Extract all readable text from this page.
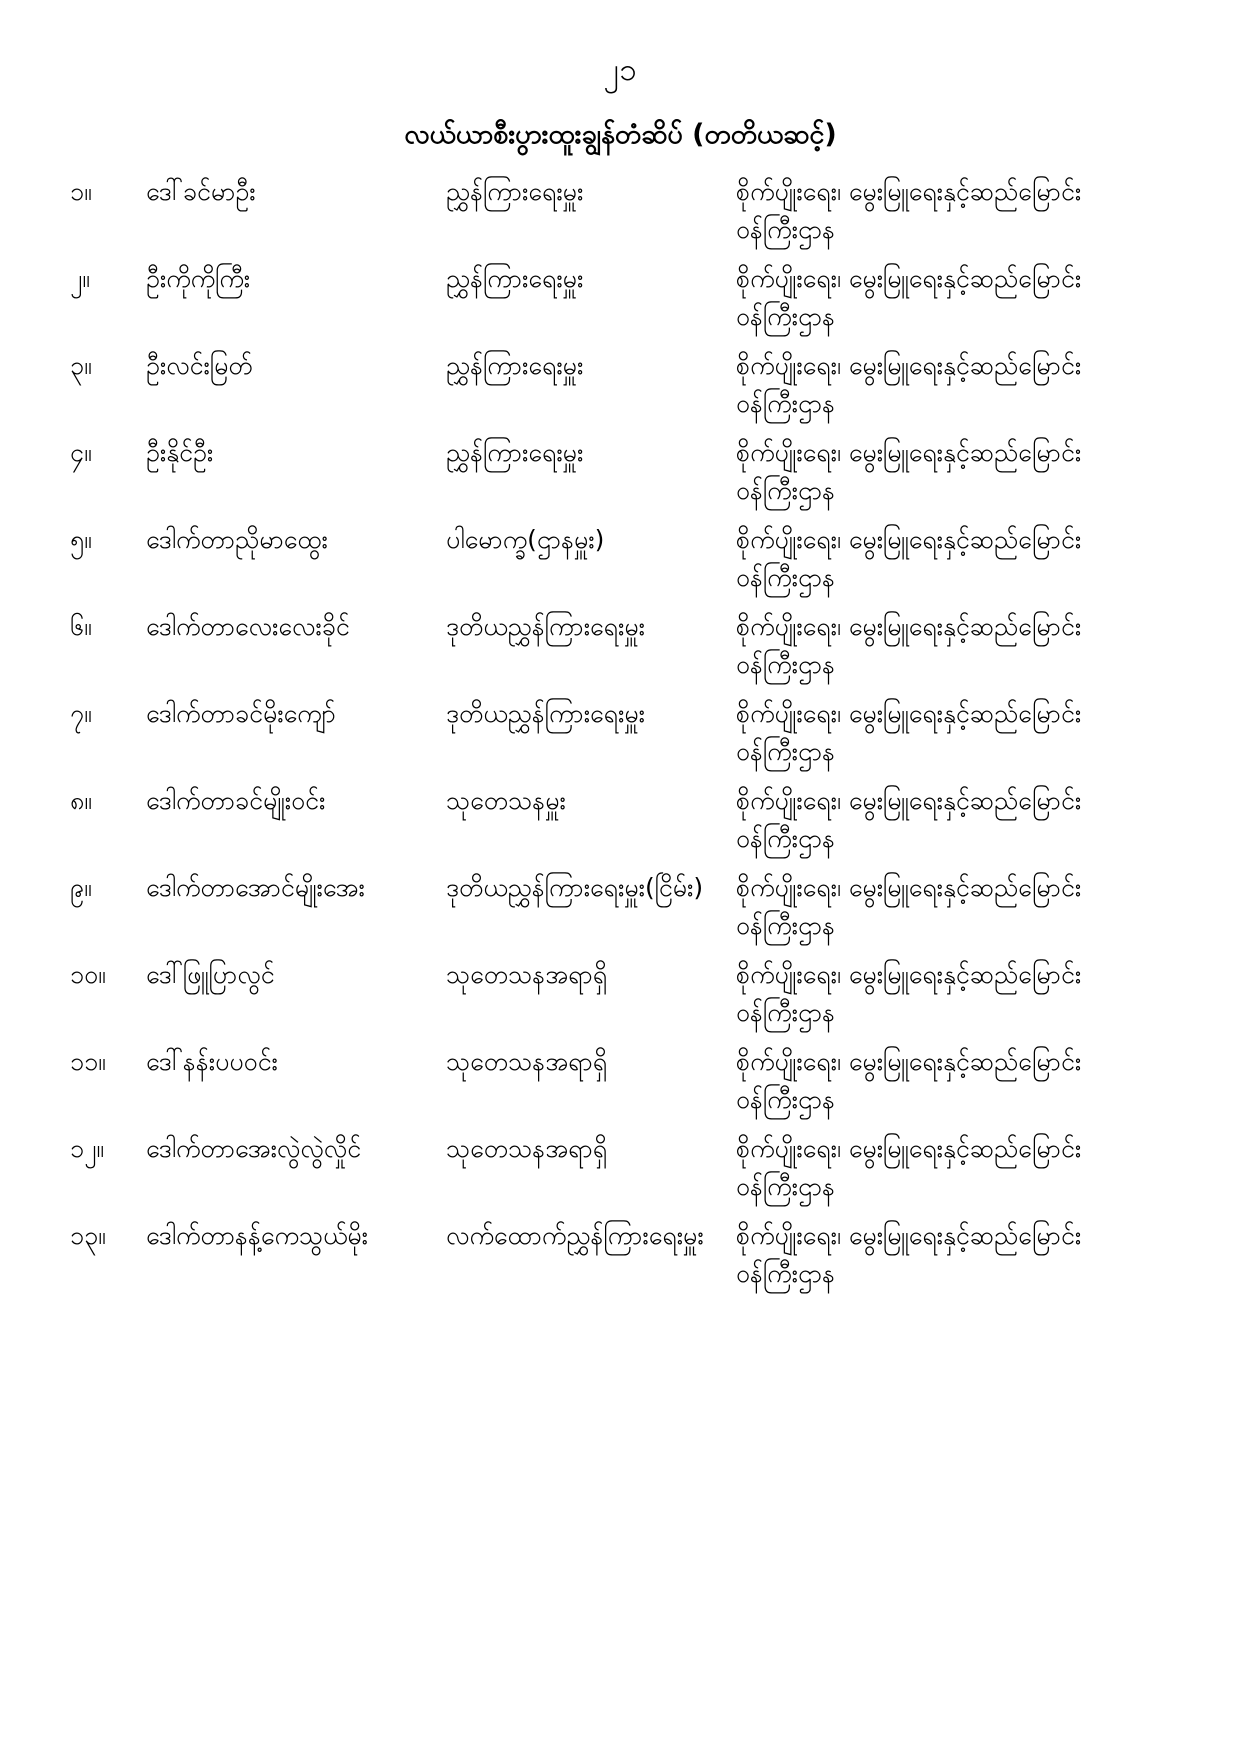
၂၁
လယ်ယာစီးပွားထူးချွန်တံဆိပ် (တတိယဆင့်)
၁။	ဒေါ်ခင်မာဦး	ညွှန်ကြားရေးမှူး	စိုက်ပျိုးရေး၊ မွေးမြူရေးနှင့်ဆည်မြောင်း
ဝန်ကြီးဌာန

၂။	ဦးကိုကိုကြီး	ညွှန်ကြားရေးမှူး	စိုက်ပျိုးရေး၊ မွေးမြူရေးနှင့်ဆည်မြောင်း
ဝန်ကြီးဌာန

၃။	ဦးလင်းမြတ်	ညွှန်ကြားရေးမှူး	စိုက်ပျိုးရေး၊ မွေးမြူရေးနှင့်ဆည်မြောင်း
ဝန်ကြီးဌာန

၄။	ဦးနိုင်ဦး	ညွှန်ကြားရေးမှူး	စိုက်ပျိုးရေး၊ မွေးမြူရေးနှင့်ဆည်မြောင်း
ဝန်ကြီးဌာန

၅။	ဒေါက်တာညိုမာထွေး	ပါမောက္ခ(ဌာနမှူး)	စိုက်ပျိုးရေး၊ မွေးမြူရေးနှင့်ဆည်မြောင်း
ဝန်ကြီးဌာန

၆။	ဒေါက်တာလေးလေးခိုင်	ဒုတိယညွှန်ကြားရေးမှူး	စိုက်ပျိုးရေး၊ မွေးမြူရေးနှင့်ဆည်မြောင်း
ဝန်ကြီးဌာန

၇။	ဒေါက်တာခင်မိုးကျော်	ဒုတိယညွှန်ကြားရေးမှူး	စိုက်ပျိုးရေး၊ မွေးမြူရေးနှင့်ဆည်မြောင်း
ဝန်ကြီးဌာန

၈။	ဒေါက်တာခင်မျိုးဝင်း	သုတေသနမှူး	စိုက်ပျိုးရေး၊ မွေးမြူရေးနှင့်ဆည်မြောင်း
ဝန်ကြီးဌာန

၉။	ဒေါက်တာအောင်မျိုးအေး	ဒုတိယညွှန်ကြားရေးမှူး(ငြိမ်း)	စိုက်ပျိုးရေး၊ မွေးမြူရေးနှင့်ဆည်မြောင်း
ဝန်ကြီးဌာန

၁၀။	ဒေါ်ဖြူပြာလွင်	သုတေသနအရာရှိ	စိုက်ပျိုးရေး၊ မွေးမြူရေးနှင့်ဆည်မြောင်း
ဝန်ကြီးဌာန

၁၁။	ဒေါ်နန်းပပဝင်း	သုတေသနအရာရှိ	စိုက်ပျိုးရေး၊ မွေးမြူရေးနှင့်ဆည်မြောင်း
ဝန်ကြီးဌာန

၁၂။	ဒေါက်တာအေးလွဲလွဲလှိုင်	သုတေသနအရာရှိ	စိုက်ပျိုးရေး၊ မွေးမြူရေးနှင့်ဆည်မြောင်း
ဝန်ကြီးဌာန

၁၃။	ဒေါက်တာနန့်ကေသွယ်မိုး	လက်ထောက်ညွှန်ကြားရေးမှူး	စိုက်ပျိုးရေး၊ မွေးမြူရေးနှင့်ဆည်မြောင်း
ဝန်ကြီးဌာန
